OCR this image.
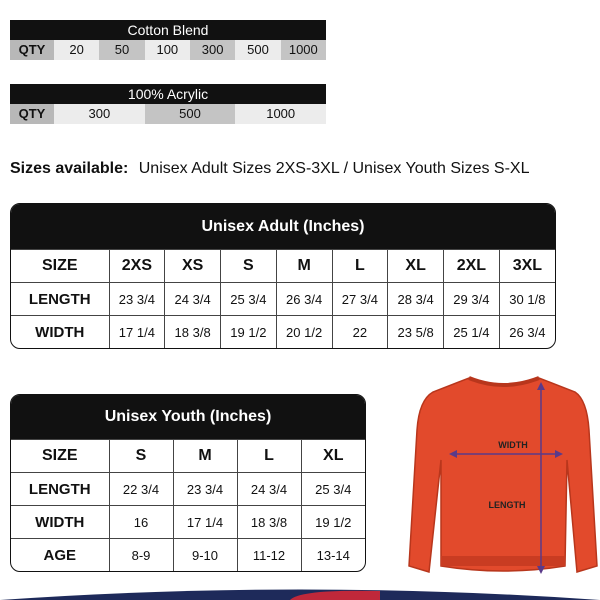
Cotton Blend
QTY	20	50	100	300	500	1000
100% Acrylic
QTY	300	500	1000
Sizes available: Unisex Adult Sizes 2XS-3XL / Unisex Youth Sizes S-XL
Unisex Adult (Inches)
SIZE	2XS	XS	S	M	L	XL	2XL	3XL
LENGTH	23 3/4	24 3/4	25 3/4	26 3/4	27 3/4	28 3/4	29 3/4	30 1/8
WIDTH	17 1/4	18 3/8	19 1/2	20 1/2	22	23 5/8	25 1/4	26 3/4
Unisex Youth (Inches)
SIZE	S	M	L	XL
LENGTH	22 3/4	23 3/4	24 3/4	25 3/4
WIDTH	16	17 1/4	18 3/8	19 1/2
AGE	8-9	9-10	11-12	13-14
WIDTH
LENGTH
